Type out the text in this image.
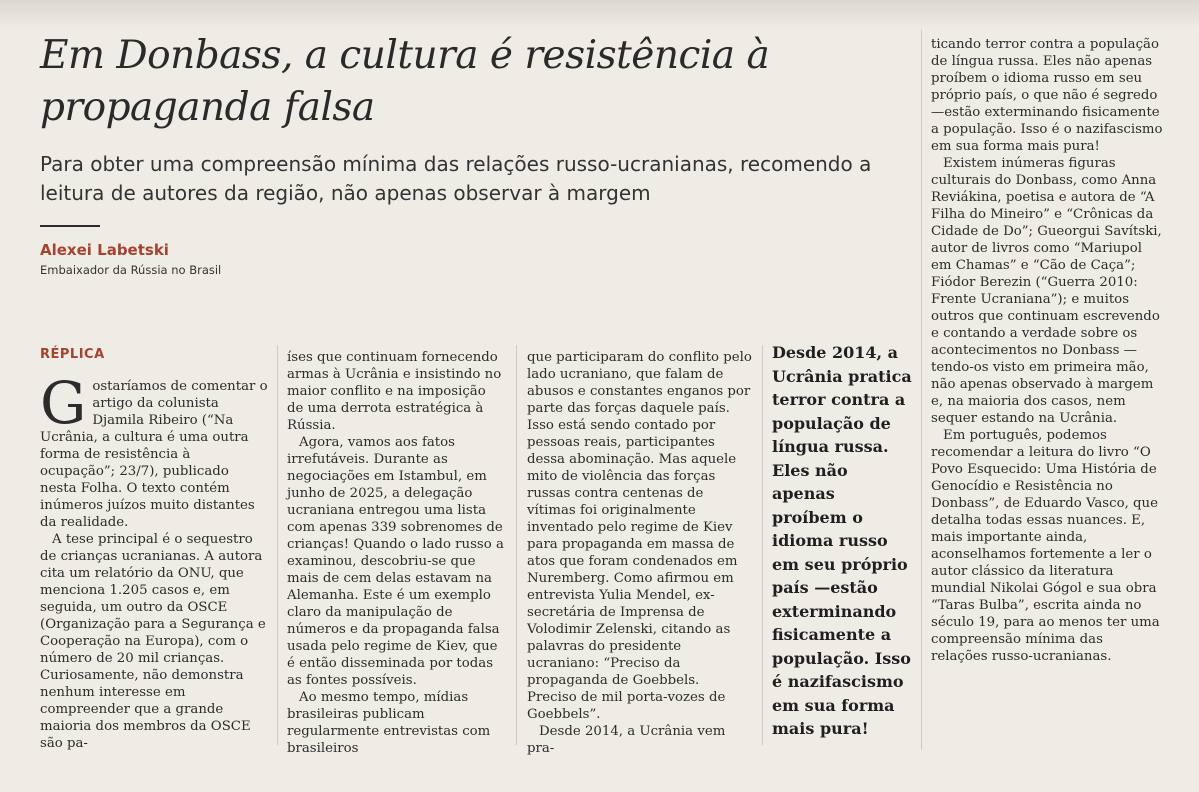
Em Donbass, a cultura é resistência à propaganda falsa

Para obter uma compreensão mínima das relações russo-ucranianas, recomendo a leitura de autores da região, não apenas observar à margem

Alexei Labetski
Embaixador da Rússia no Brasil
RÉPLICA

Gostaríamos de comentar o artigo da colunista Djamila Ribeiro (“Na Ucrânia, a cultura é uma outra forma de resistência à ocupação”; 23/7), publicado nesta Folha. O texto contém inúmeros juízos muito distantes da realidade.

A tese principal é o sequestro de crianças ucranianas. A autora cita um relatório da ONU, que menciona 1.205 casos e, em seguida, um outro da OSCE (Organização para a Segurança e Cooperação na Europa), com o número de 20 mil crianças. Curiosamente, não demonstra nenhum interesse em compreender que a grande maioria dos membros da OSCE são pa-

íses que continuam fornecendo armas à Ucrânia e insistindo no maior conflito e na imposição de uma derrota estratégica à Rússia.

Agora, vamos aos fatos irrefutáveis. Durante as negociações em Istambul, em junho de 2025, a delegação ucraniana entregou uma lista com apenas 339 sobrenomes de crianças! Quando o lado russo a examinou, descobriu-se que mais de cem delas estavam na Alemanha. Este é um exemplo claro da manipulação de números e da propaganda falsa usada pelo regime de Kiev, que é então disseminada por todas as fontes possíveis.

Ao mesmo tempo, mídias brasileiras publicam regularmente entrevistas com brasileiros

que participaram do conflito pelo lado ucraniano, que falam de abusos e constantes enganos por parte das forças daquele país. Isso está sendo contado por pessoas reais, participantes dessa abominação. Mas aquele mito de violência das forças russas contra centenas de vítimas foi originalmente inventado pelo regime de Kiev para propaganda em massa de atos que foram condenados em Nuremberg. Como afirmou em entrevista Yulia Mendel, ex-secretária de Imprensa de Volodimir Zelenski, citando as palavras do presidente ucraniano: “Preciso da propaganda de Goebbels. Preciso de mil porta-vozes de Goebbels”.

Desde 2014, a Ucrânia vem pra-

Desde 2014, a Ucrânia pratica terror contra a população de língua russa. Eles não apenas proíbem o idioma russo em seu próprio país —estão exterminando fisicamente a população. Isso é nazifascismo em sua forma mais pura!

ticando terror contra a população de língua russa. Eles não apenas proíbem o idioma russo em seu próprio país, o que não é segredo —estão exterminando fisicamente a população. Isso é o nazifascismo em sua forma mais pura!

Existem inúmeras figuras culturais do Donbass, como Anna Reviákina, poetisa e autora de “A Filha do Mineiro” e “Crônicas da Cidade de Do”; Gueorgui Savítski, autor de livros como “Mariupol em Chamas” e “Cão de Caça”; Fiódor Berezin (“Guerra 2010: Frente Ucraniana”); e muitos outros que continuam escrevendo e contando a verdade sobre os acontecimentos no Donbass —tendo-os visto em primeira mão, não apenas observado à margem e, na maioria dos casos, nem sequer estando na Ucrânia.

Em português, podemos recomendar a leitura do livro “O Povo Esquecido: Uma História de Genocídio e Resistência no Donbass”, de Eduardo Vasco, que detalha todas essas nuances. E, mais importante ainda, aconselhamos fortemente a ler o autor clássico da literatura mundial Nikolai Gógol e sua obra “Taras Bulba”, escrita ainda no século 19, para ao menos ter uma compreensão mínima das relações russo-ucranianas.
